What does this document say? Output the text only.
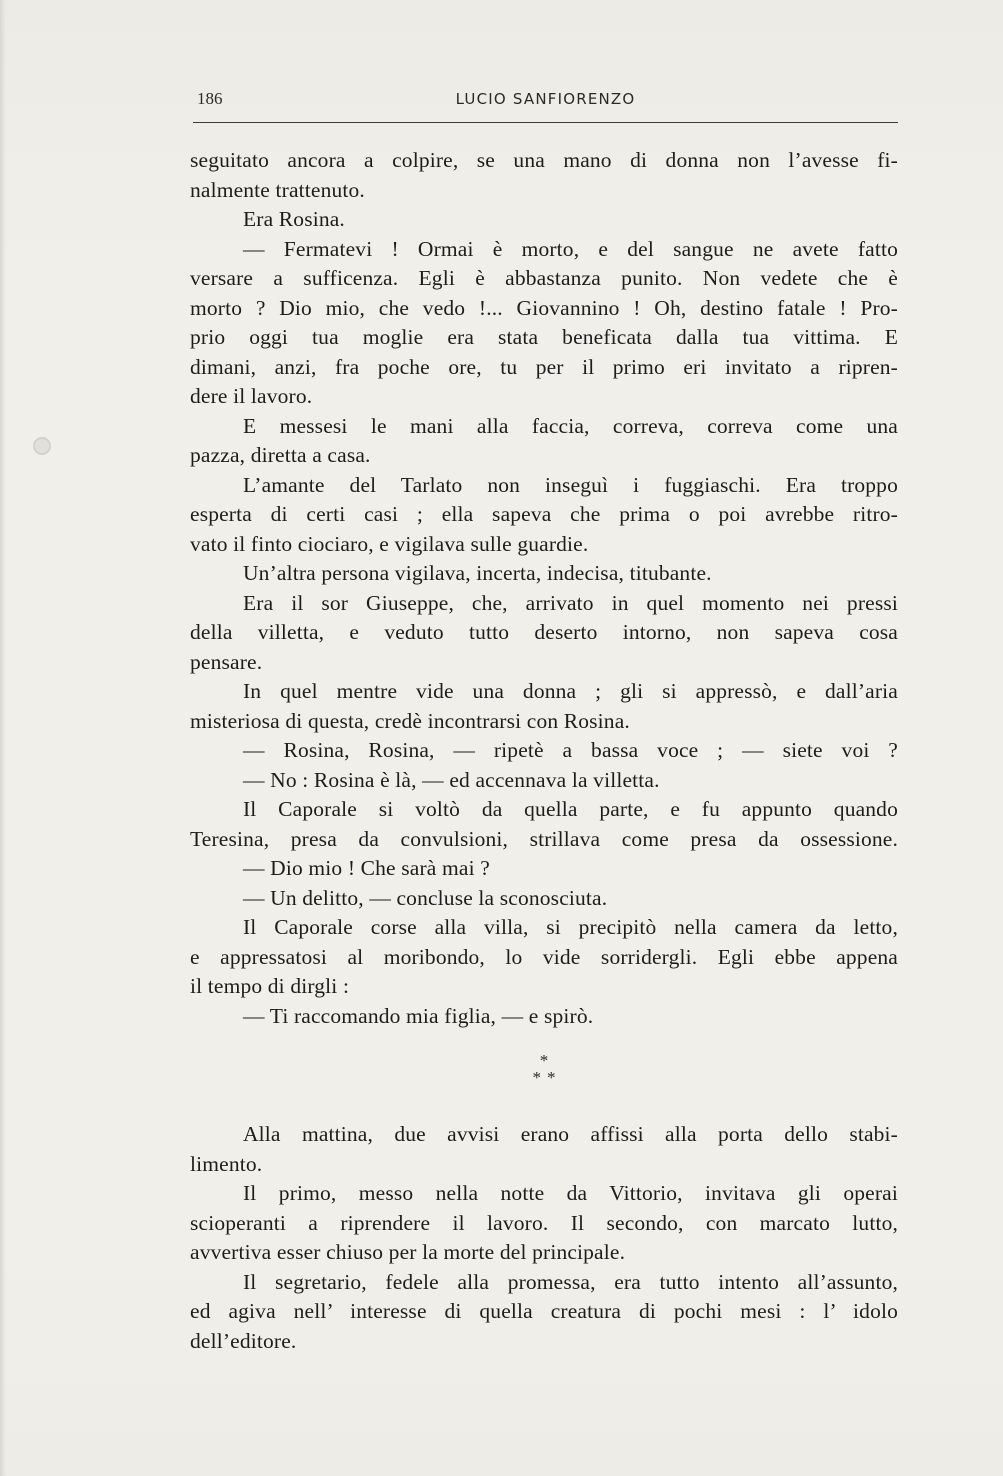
186	LUCIO SANFIORENZO
seguitato ancora a colpire, se una mano di donna non l’avesse fi-
nalmente trattenuto.
Era Rosina.
— Fermatevi ! Ormai è morto, e del sangue ne avete fatto
versare a sufficenza. Egli è abbastanza punito. Non vedete che è
morto ? Dio mio, che vedo !... Giovannino ! Oh, destino fatale ! Pro-
prio oggi tua moglie era stata beneficata dalla tua vittima. E
dimani, anzi, fra poche ore, tu per il primo eri invitato a ripren-
dere il lavoro.
E messesi le mani alla faccia, correva, correva come una
pazza, diretta a casa.
L’amante del Tarlato non inseguì i fuggiaschi. Era troppo
esperta di certi casi ; ella sapeva che prima o poi avrebbe ritro-
vato il finto ciociaro, e vigilava sulle guardie.
Un’altra persona vigilava, incerta, indecisa, titubante.
Era il sor Giuseppe, che, arrivato in quel momento nei pressi
della villetta, e veduto tutto deserto intorno, non sapeva cosa
pensare.
In quel mentre vide una donna ; gli si appressò, e dall’aria
misteriosa di questa, credè incontrarsi con Rosina.
— Rosina, Rosina, — ripetè a bassa voce ; — siete voi ?
— No : Rosina è là, — ed accennava la villetta.
Il Caporale si voltò da quella parte, e fu appunto quando
Teresina, presa da convulsioni, strillava come presa da ossessione.
— Dio mio ! Che sarà mai ?
— Un delitto, — concluse la sconosciuta.
Il Caporale corse alla villa, si precipitò nella camera da letto,
e appressatosi al moribondo, lo vide sorridergli. Egli ebbe appena
il tempo di dirgli :
— Ti raccomando mia figlia, — e spirò.
*
**
Alla mattina, due avvisi erano affissi alla porta dello stabi-
limento.
Il primo, messo nella notte da Vittorio, invitava gli operai
scioperanti a riprendere il lavoro. Il secondo, con marcato lutto,
avvertiva esser chiuso per la morte del principale.
Il segretario, fedele alla promessa, era tutto intento all’assunto,
ed agiva nell’ interesse di quella creatura di pochi mesi : l’ idolo
dell’editore.
